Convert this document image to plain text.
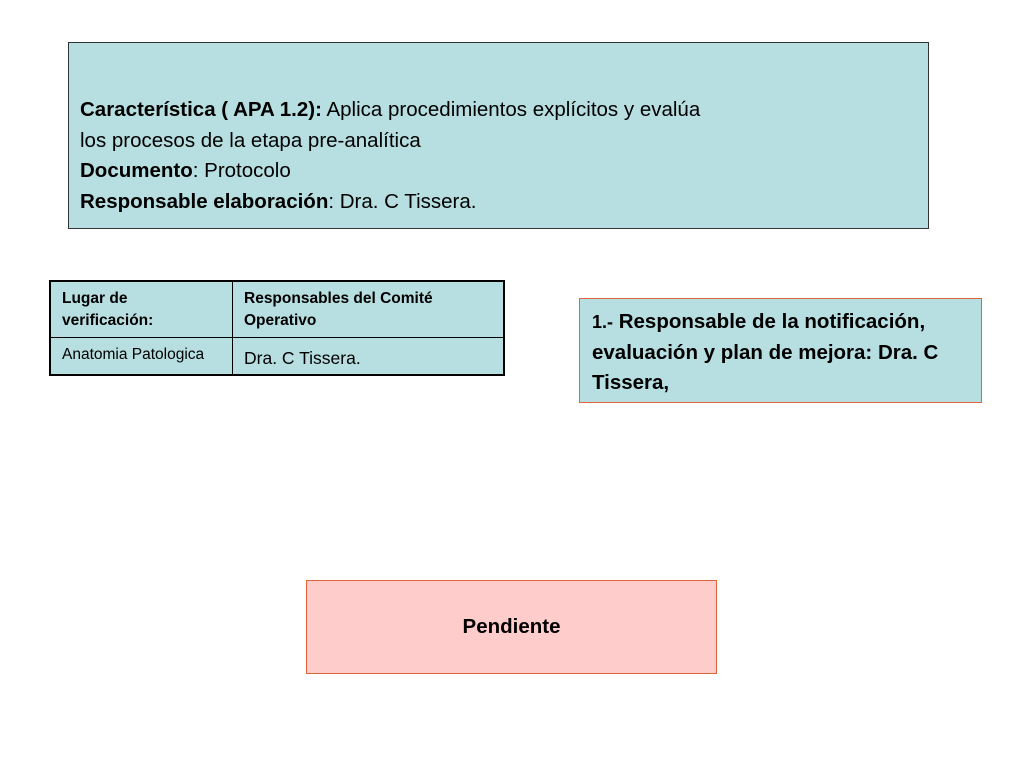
Característica ( APA 1.2): Aplica procedimientos explícitos y evalúa
los procesos de la etapa pre-analítica
Documento: Protocolo
Responsable elaboración: Dra. C Tissera.
Lugar de verificación:	Responsables del Comité Operativo
Anatomia Patologica	Dra. C Tissera.
1.- Responsable de la notificación, evaluación y plan de mejora: Dra. C Tissera,
Pendiente
